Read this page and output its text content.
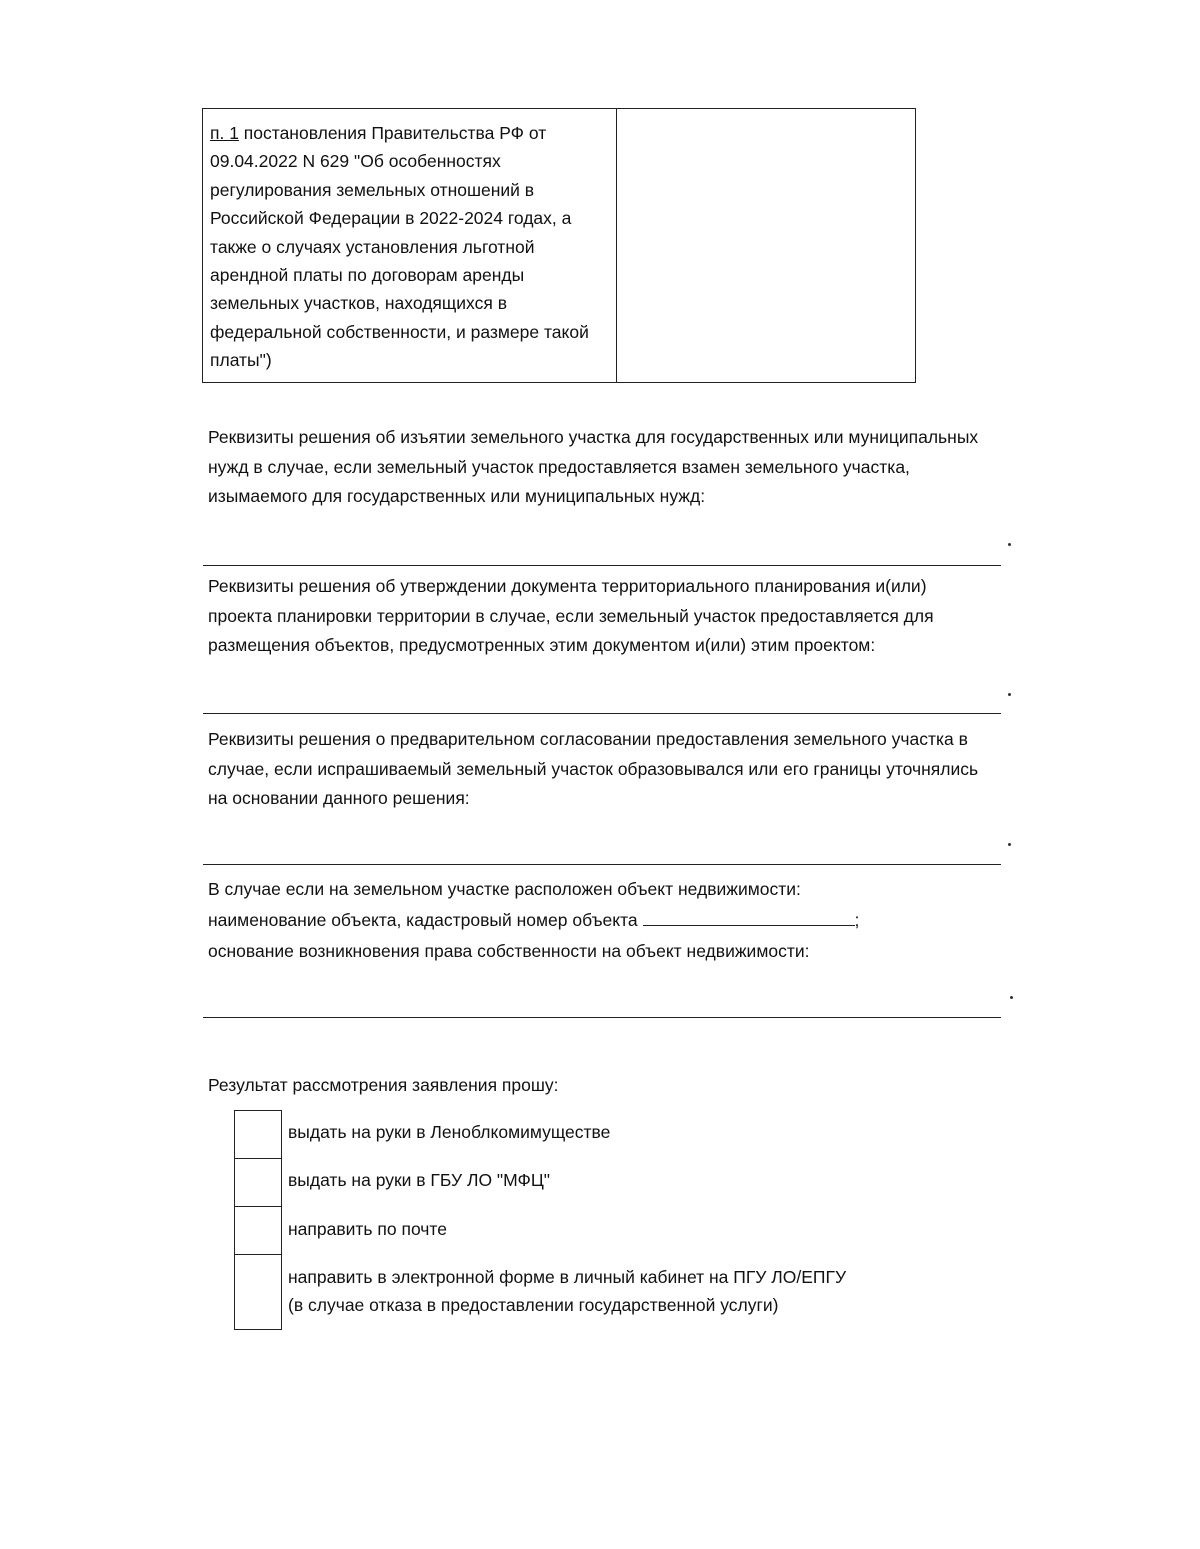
п. 1 постановления Правительства РФ от 09.04.2022 N 629 "Об особенностях регулирования земельных отношений в Российской Федерации в 2022-2024 годах, а также о случаях установления льготной арендной платы по договорам аренды земельных участков, находящихся в федеральной собственности, и размере такой платы")
Реквизиты решения об изъятии земельного участка для государственных или муниципальных
нужд в случае, если земельный участок предоставляется взамен земельного участка,
изымаемого для государственных или муниципальных нужд:
Реквизиты решения об утверждении документа территориального планирования и(или)
проекта планировки территории в случае, если земельный участок предоставляется для
размещения объектов, предусмотренных этим документом и(или) этим проектом:
Реквизиты решения о предварительном согласовании предоставления земельного участка в
случае, если испрашиваемый земельный участок образовывался или его границы уточнялись
на основании данного решения:
В случае если на земельном участке расположен объект недвижимости:
наименование объекта, кадастровый номер объекта	;
основание возникновения права собственности на объект недвижимости:
Результат рассмотрения заявления прошу:
выдать на руки в Леноблкомимуществе
выдать на руки в ГБУ ЛО "МФЦ"
направить по почте
направить в электронной форме в личный кабинет на ПГУ ЛО/ЕПГУ
(в случае отказа в предоставлении государственной услуги)
